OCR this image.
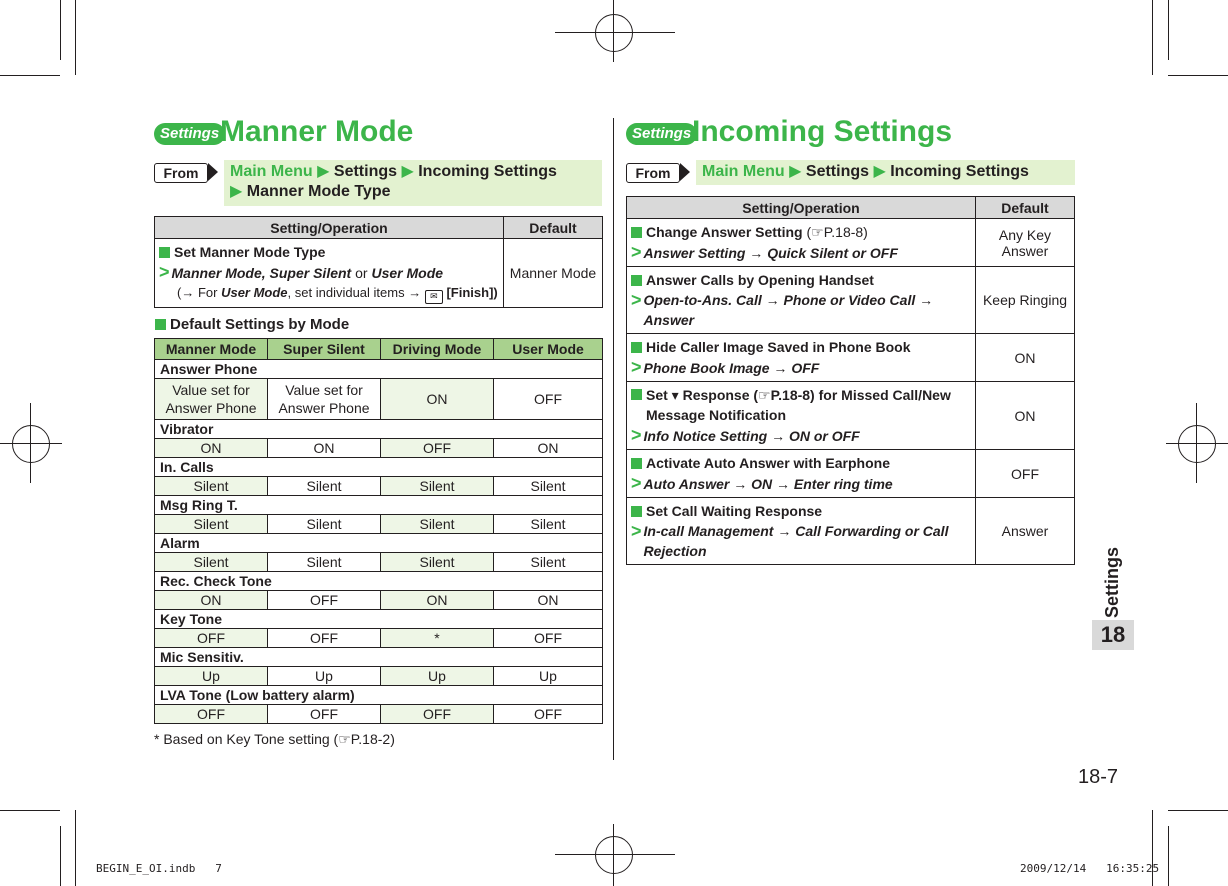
Settings Manner Mode
From	Main Menu ▶ Settings ▶ Incoming Settings
▶ Manner Mode Type
Setting/Operation	Default

Set Manner Mode Type
> Manner Mode, Super Silent or User Mode
(→ For User Mode, set individual items → ✉ [Finish])	Manner Mode
Default Settings by Mode
Manner Mode	Super Silent	Driving Mode	User Mode
Answer Phone			
Value set for Answer Phone	Value set for Answer Phone	ON	OFF
Vibrator			
ON	ON	OFF	ON
In. Calls			
Silent	Silent	Silent	Silent
Msg Ring T.			
Silent	Silent	Silent	Silent
Alarm			
Silent	Silent	Silent	Silent
Rec. Check Tone			
ON	OFF	ON	ON
Key Tone			
OFF	OFF	*	OFF
Mic Sensitiv.			
Up	Up	Up	Up
LVA Tone (Low battery alarm)			
OFF	OFF	OFF	OFF
* Based on Key Tone setting (☞P.18-2)
Settings Incoming Settings
From	Main Menu ▶ Settings ▶ Incoming Settings
Setting/Operation	Default

Change Answer Setting (☞P.18-8)
> Answer Setting → Quick Silent or OFF	Any Key Answer

Answer Calls by Opening Handset
> Open-to-Ans. Call → Phone or Video Call → Answer	Keep Ringing

Hide Caller Image Saved in Phone Book
> Phone Book Image → OFF	ON

Set ▾ Response (☞P.18-8) for Missed Call/New Message Notification
> Info Notice Setting → ON or OFF	ON

Activate Auto Answer with Earphone
> Auto Answer → ON → Enter ring time	OFF

Set Call Waiting Response
> In-call Management → Call Forwarding or Call Rejection	Answer
Settings
18
18-7
BEGIN_E_OI.indb   7	2009/12/14   16:35:25
